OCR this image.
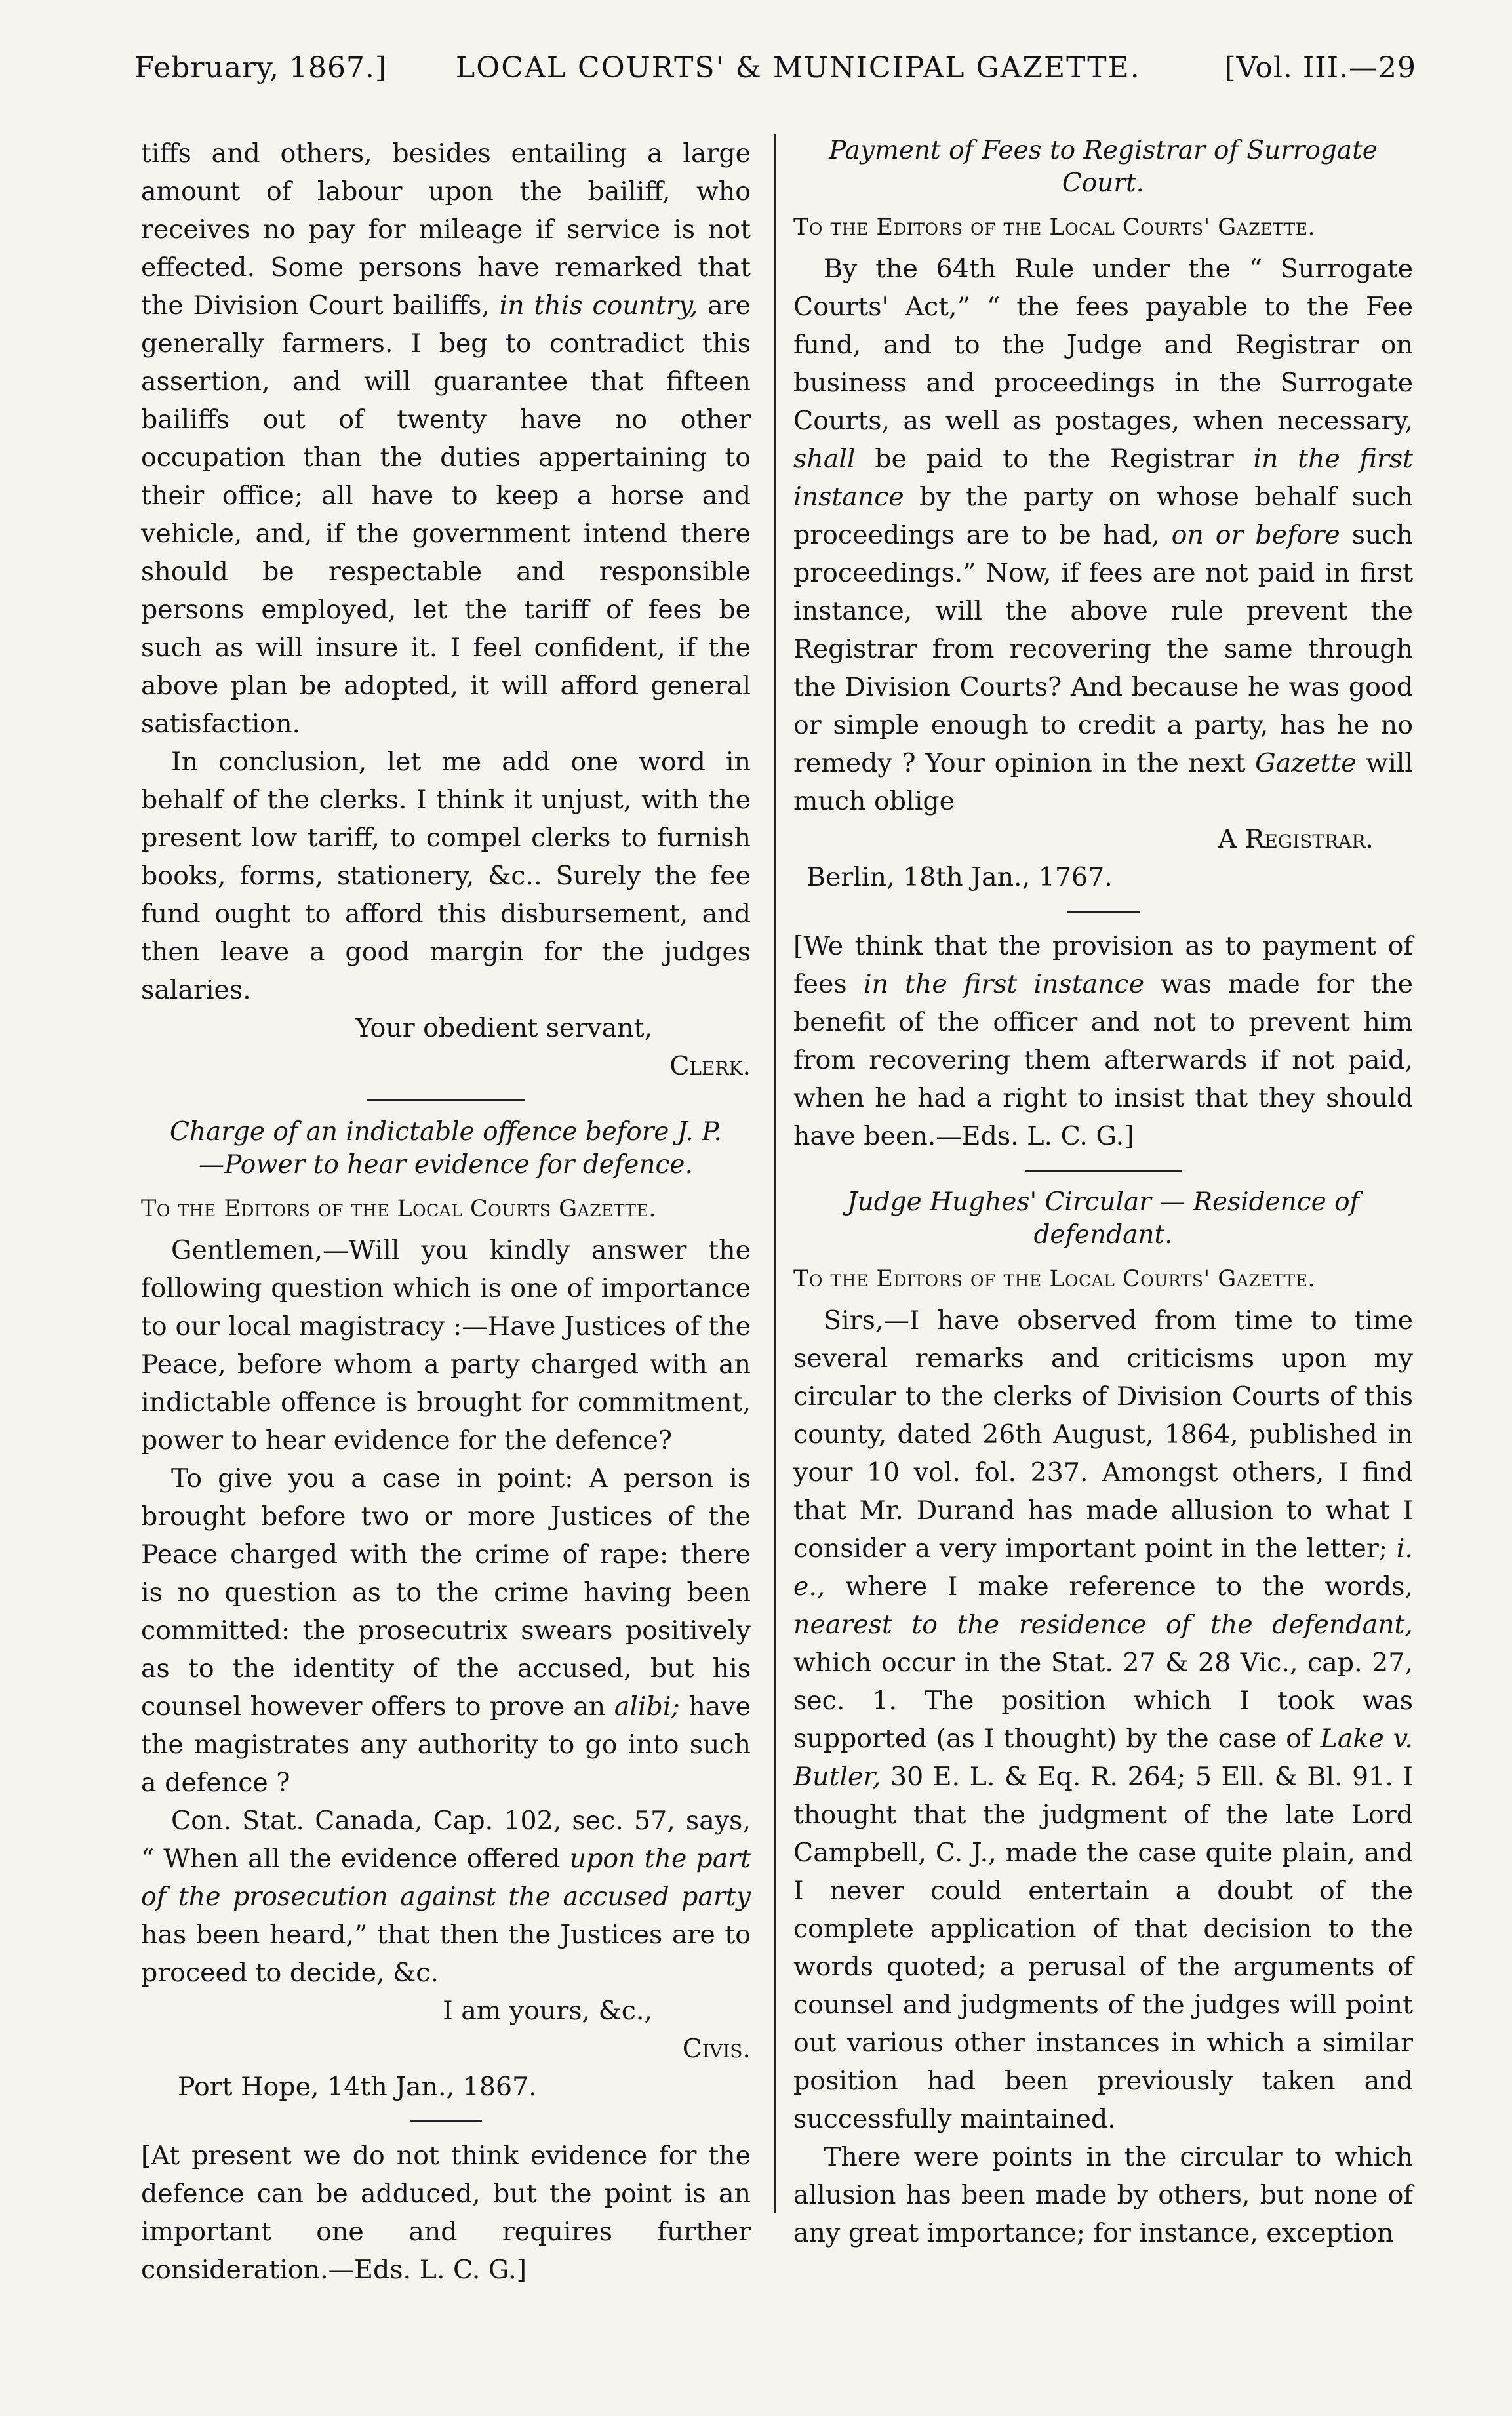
February, 1867.] LOCAL COURTS' & MUNICIPAL GAZETTE.	[Vol. III.—29

tiffs and others, besides entailing a large amount of labour upon the bailiff, who receives no pay for mileage if service is not effected. Some persons have remarked that the Division Court bailiffs, in this country, are generally farmers. I beg to contradict this assertion, and will guarantee that fifteen bailiffs out of twenty have no other occupation than the duties appertaining to their office; all have to keep a horse and vehicle, and, if the government intend there should be respectable and responsible persons employed, let the tariff of fees be such as will insure it. I feel confident, if the above plan be adopted, it will afford general satisfaction.

In conclusion, let me add one word in behalf of the clerks. I think it unjust, with the present low tariff, to compel clerks to furnish books, forms, stationery, &c.. Surely the fee fund ought to afford this disbursement, and then leave a good margin for the judges salaries.

Your obedient servant,

Clerk.

Charge of an indictable offence before J. P.
—Power to hear evidence for defence.
To the Editors of the Local Courts Gazette.

Gentlemen,—Will you kindly answer the following question which is one of importance to our local magistracy :—Have Justices of the Peace, before whom a party charged with an indictable offence is brought for commitment, power to hear evidence for the defence?

To give you a case in point: A person is brought before two or more Justices of the Peace charged with the crime of rape: there is no question as to the crime having been committed: the prosecutrix swears positively as to the identity of the accused, but his counsel however offers to prove an alibi; have the magistrates any authority to go into such a defence ?

Con. Stat. Canada, Cap. 102, sec. 57, says, “ When all the evidence offered upon the part of the prosecution against the accused party has been heard,” that then the Justices are to proceed to decide, &c.

I am yours, &c.,

Civis.

Port Hope, 14th Jan., 1867.

[At present we do not think evidence for the defence can be adduced, but the point is an important one and requires further consideration.—Eds. L. C. G.]

Payment of Fees to Registrar of Surrogate
Court.
To the Editors of the Local Courts' Gazette.

By the 64th Rule under the “ Surrogate Courts' Act,” “ the fees payable to the Fee fund, and to the Judge and Registrar on business and proceedings in the Surrogate Courts, as well as postages, when necessary, shall be paid to the Registrar in the first instance by the party on whose behalf such proceedings are to be had, on or before such proceedings.” Now, if fees are not paid in first instance, will the above rule prevent the Registrar from recovering the same through the Division Courts? And because he was good or simple enough to credit a party, has he no remedy ? Your opinion in the next Gazette will much oblige

A Registrar.

Berlin, 18th Jan., 1767.

[We think that the provision as to payment of fees in the first instance was made for the benefit of the officer and not to prevent him from recovering them afterwards if not paid, when he had a right to insist that they should have been.—Eds. L. C. G.]

Judge Hughes' Circular — Residence of
defendant.
To the Editors of the Local Courts' Gazette.

Sirs,—I have observed from time to time several remarks and criticisms upon my circular to the clerks of Division Courts of this county, dated 26th August, 1864, published in your 10 vol. fol. 237. Amongst others, I find that Mr. Durand has made allusion to what I consider a very important point in the letter; i. e., where I make reference to the words, nearest to the residence of the defendant, which occur in the Stat. 27 & 28 Vic., cap. 27, sec. 1. The position which I took was supported (as I thought) by the case of Lake v. Butler, 30 E. L. & Eq. R. 264; 5 Ell. & Bl. 91. I thought that the judgment of the late Lord Campbell, C. J., made the case quite plain, and I never could entertain a doubt of the complete application of that decision to the words quoted; a perusal of the arguments of counsel and judgments of the judges will point out various other instances in which a similar position had been previously taken and successfully maintained.

There were points in the circular to which allusion has been made by others, but none of any great importance; for instance, exception
